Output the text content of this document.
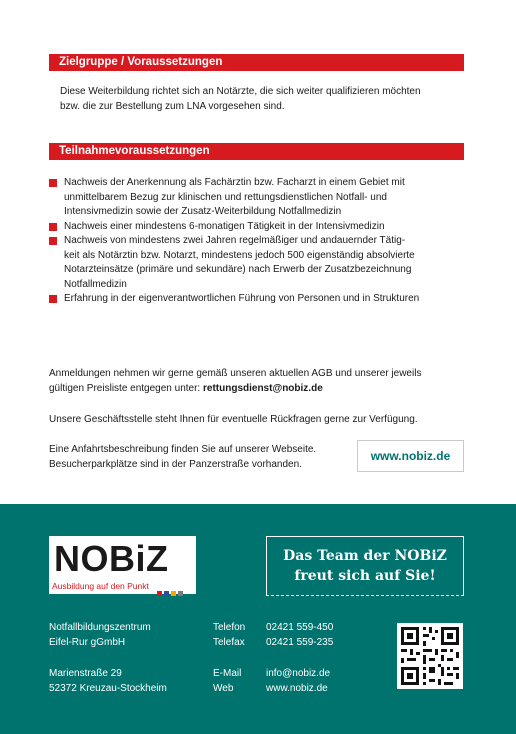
Zielgruppe / Voraussetzungen
Diese Weiterbildung richtet sich an Notärzte, die sich weiter qualifizieren möchten
bzw. die zur Bestellung zum LNA vorgesehen sind.
Teilnahmevoraussetzungen
Nachweis der Anerkennung als Fachärztin bzw. Facharzt in einem Gebiet mit
unmittelbarem Bezug zur klinischen und rettungsdienstlichen Notfall- und
Intensivmedizin sowie der Zusatz-Weiterbildung Notfallmedizin
Nachweis einer mindestens 6-monatigen Tätigkeit in der Intensivmedizin
Nachweis von mindestens zwei Jahren regelmäßiger und andauernder Tätig-
keit als Notärztin bzw. Notarzt, mindestens jedoch 500 eigenständig absolvierte
Notarzteinsätze (primäre und sekundäre) nach Erwerb der Zusatzbezeichnung
Notfallmedizin
Erfahrung in der eigenverantwortlichen Führung von Personen und in Strukturen
Anmeldungen nehmen wir gerne gemäß unseren aktuellen AGB und unserer jeweils
gültigen Preisliste entgegen unter: rettungsdienst@nobiz.de
Unsere Geschäftsstelle steht Ihnen für eventuelle Rückfragen gerne zur Verfügung.
Eine Anfahrtsbeschreibung finden Sie auf unserer Webseite.
Besucherparkplätze sind in der Panzerstraße vorhanden.
www.nobiz.de
NOBiZ
Ausbildung auf den Punkt
Das Team der NOBiZ
freut sich auf Sie!
Notfallbildungszentrum
Eifel-Rur gGmbH
Marienstraße 29
52372 Kreuzau-Stockheim
Telefon
Telefax
E-Mail
Web
02421 559-450
02421 559-235
info@nobiz.de
www.nobiz.de
